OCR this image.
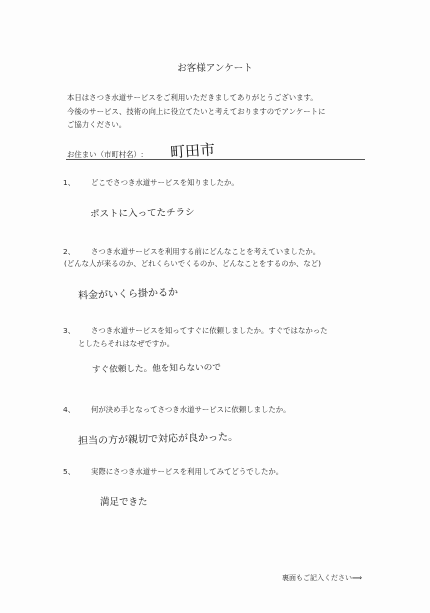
お客様アンケート
本日はさつき水道サービスをご利用いただきましてありがとうございます。
今後のサービス、技術の向上に役立てたいと考えておりますのでアンケートに
ご協力ください。
お住まい（市町村名）: 町田市
1、 どこでさつき水道サービスを知りましたか。
ポストに入ってたチラシ
2、 さつき水道サービスを利用する前にどんなことを考えていましたか。
(どんな人が来るのか、どれくらいでくるのか、どんなことをするのか、など)
料金がいくら掛かるか
3、 さつき水道サービスを知ってすぐに依頼しましたか。すぐではなかった
としたらそれはなぜですか。
すぐ依頼した。他を知らないので
4、 何が決め手となってさつき水道サービスに依頼しましたか。
担当の方が親切で対応が良かった。
5、 実際にさつき水道サービスを利用してみてどうでしたか。
満足できた
裏面もご記入ください⟹
